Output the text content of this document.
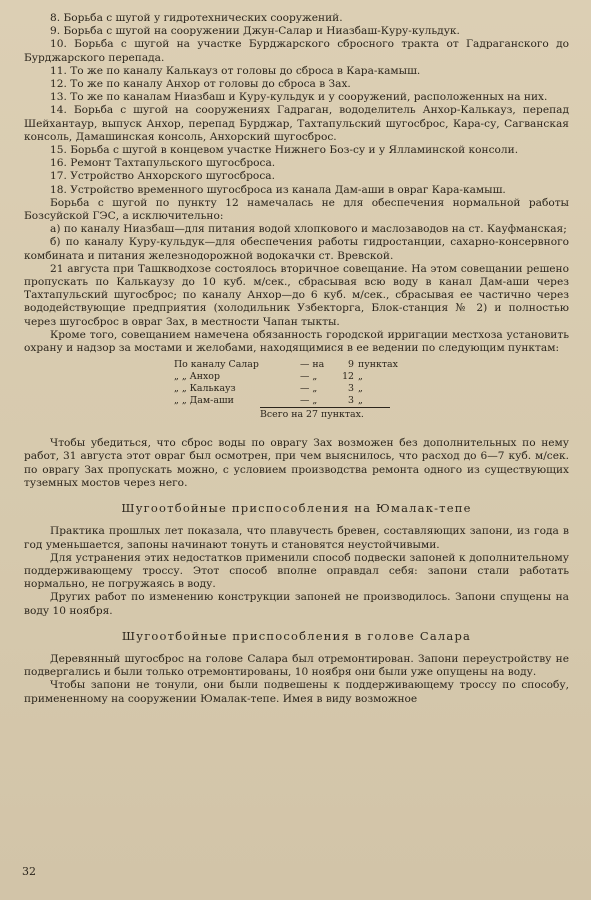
8. Борьба с шугой у гидротехнических сооружений.

9. Борьба с шугой на сооружении Джун-Салар и Ниазбаш-Куру-кульдук.

10. Борьба с шугой на участке Бурджарского сбросного тракта от Гадраганского до Бурджарского перепада.

11. То же по каналу Калькауз от головы до сброса в Кара-камыш.

12. То же по каналу Анхор от головы до сброса в Зах.

13. То же по каналам Ниазбаш и Куру-кульдук и у сооружений, расположенных на них.

14. Борьба с шугой на сооружениях Гадраган, вододелитель Анхор-Калькауз, перепад Шейхантаур, выпуск Анхор, перепад Бурджар, Тахтапульский шугосброс, Кара-су, Сагванская консоль, Дамашинская консоль, Анхорский шугосброс.

15. Борьба с шугой в концевом участке Нижнего Боз-су и у Ялламинской консоли.

16. Ремонт Тахтапульского шугосброса.

17. Устройство Анхорского шугосброса.

18. Устройство временного шугосброса из канала Дам-аши в овраг Кара-камыш.

Борьба с шугой по пункту 12 намечалась не для обеспечения нормальной работы Бозсуйской ГЭС, а исключительно:

а) по каналу Ниазбаш—для питания водой хлопкового и маслозаводов на ст. Кауфманская;

б) по каналу Куру-кульдук—для обеспечения работы гидростанции, сахарно-консервного комбината и питания железнодорожной водокачки ст. Вревской.

21 августа при Ташкводхозе состоялось вторичное совещание. На этом совещании решено пропускать по Калькаузу до 10 куб. м/сек., сбрасывая всю воду в канал Дам-аши через Тахтапульский шугосброс; по каналу Анхор—до 6 куб. м/сек., сбрасывая ее частично через вододействующие предприятия (холодильник Узбекторга, Блок-станция № 2) и полностью через шугосброс в овраг Зах, в местности Чапан тыкты.

Кроме того, совещанием намечена обязанность городской ирригации местхоза установить охрану и надзор за мостами и желобами, находящимися в ее ведении по следующим пунктам:

По каналу Салар	— на	9 пунктах
„ „ Анхор	— „	12 „
„ „ Калькауз	— „	3 „
„ „ Дам-аши	— „	3 „
Всего на 27 пунктах.

Чтобы убедиться, что сброс воды по оврагу Зах возможен без дополнительных по нему работ, 31 августа этот овраг был осмотрен, при чем выяснилось, что расход до 6—7 куб. м/сек. по оврагу Зах пропускать можно, с условием производства ремонта одного из существующих туземных мостов через него.

Шугоотбойные приспособления на Юмалак-тепе

Практика прошлых лет показала, что плавучесть бревен, составляющих запони, из года в год уменьшается, запоны начинают тонуть и становятся неустойчивыми.

Для устранения этих недостатков применили способ подвески запоней к дополнительному поддерживающему тросcу. Этот способ вполне оправдал себя: запони стали работать нормально, не погружаясь в воду.

Других работ по изменению конструкции запоней не производилось. Запони спущены на воду 10 ноября.

Шугоотбойные приспособления в голове Салара

Деревянный шугосброс на голове Салара был отремонтирован. Запони переустройству не подвергались и были только отремонтированы, 10 ноября они были уже опущены на воду.

Чтобы запони не тонули, они были подвешены к поддерживающему тросcу по способу, примененному на сооружении Юмалак-тепе. Имея в виду возможное

32
